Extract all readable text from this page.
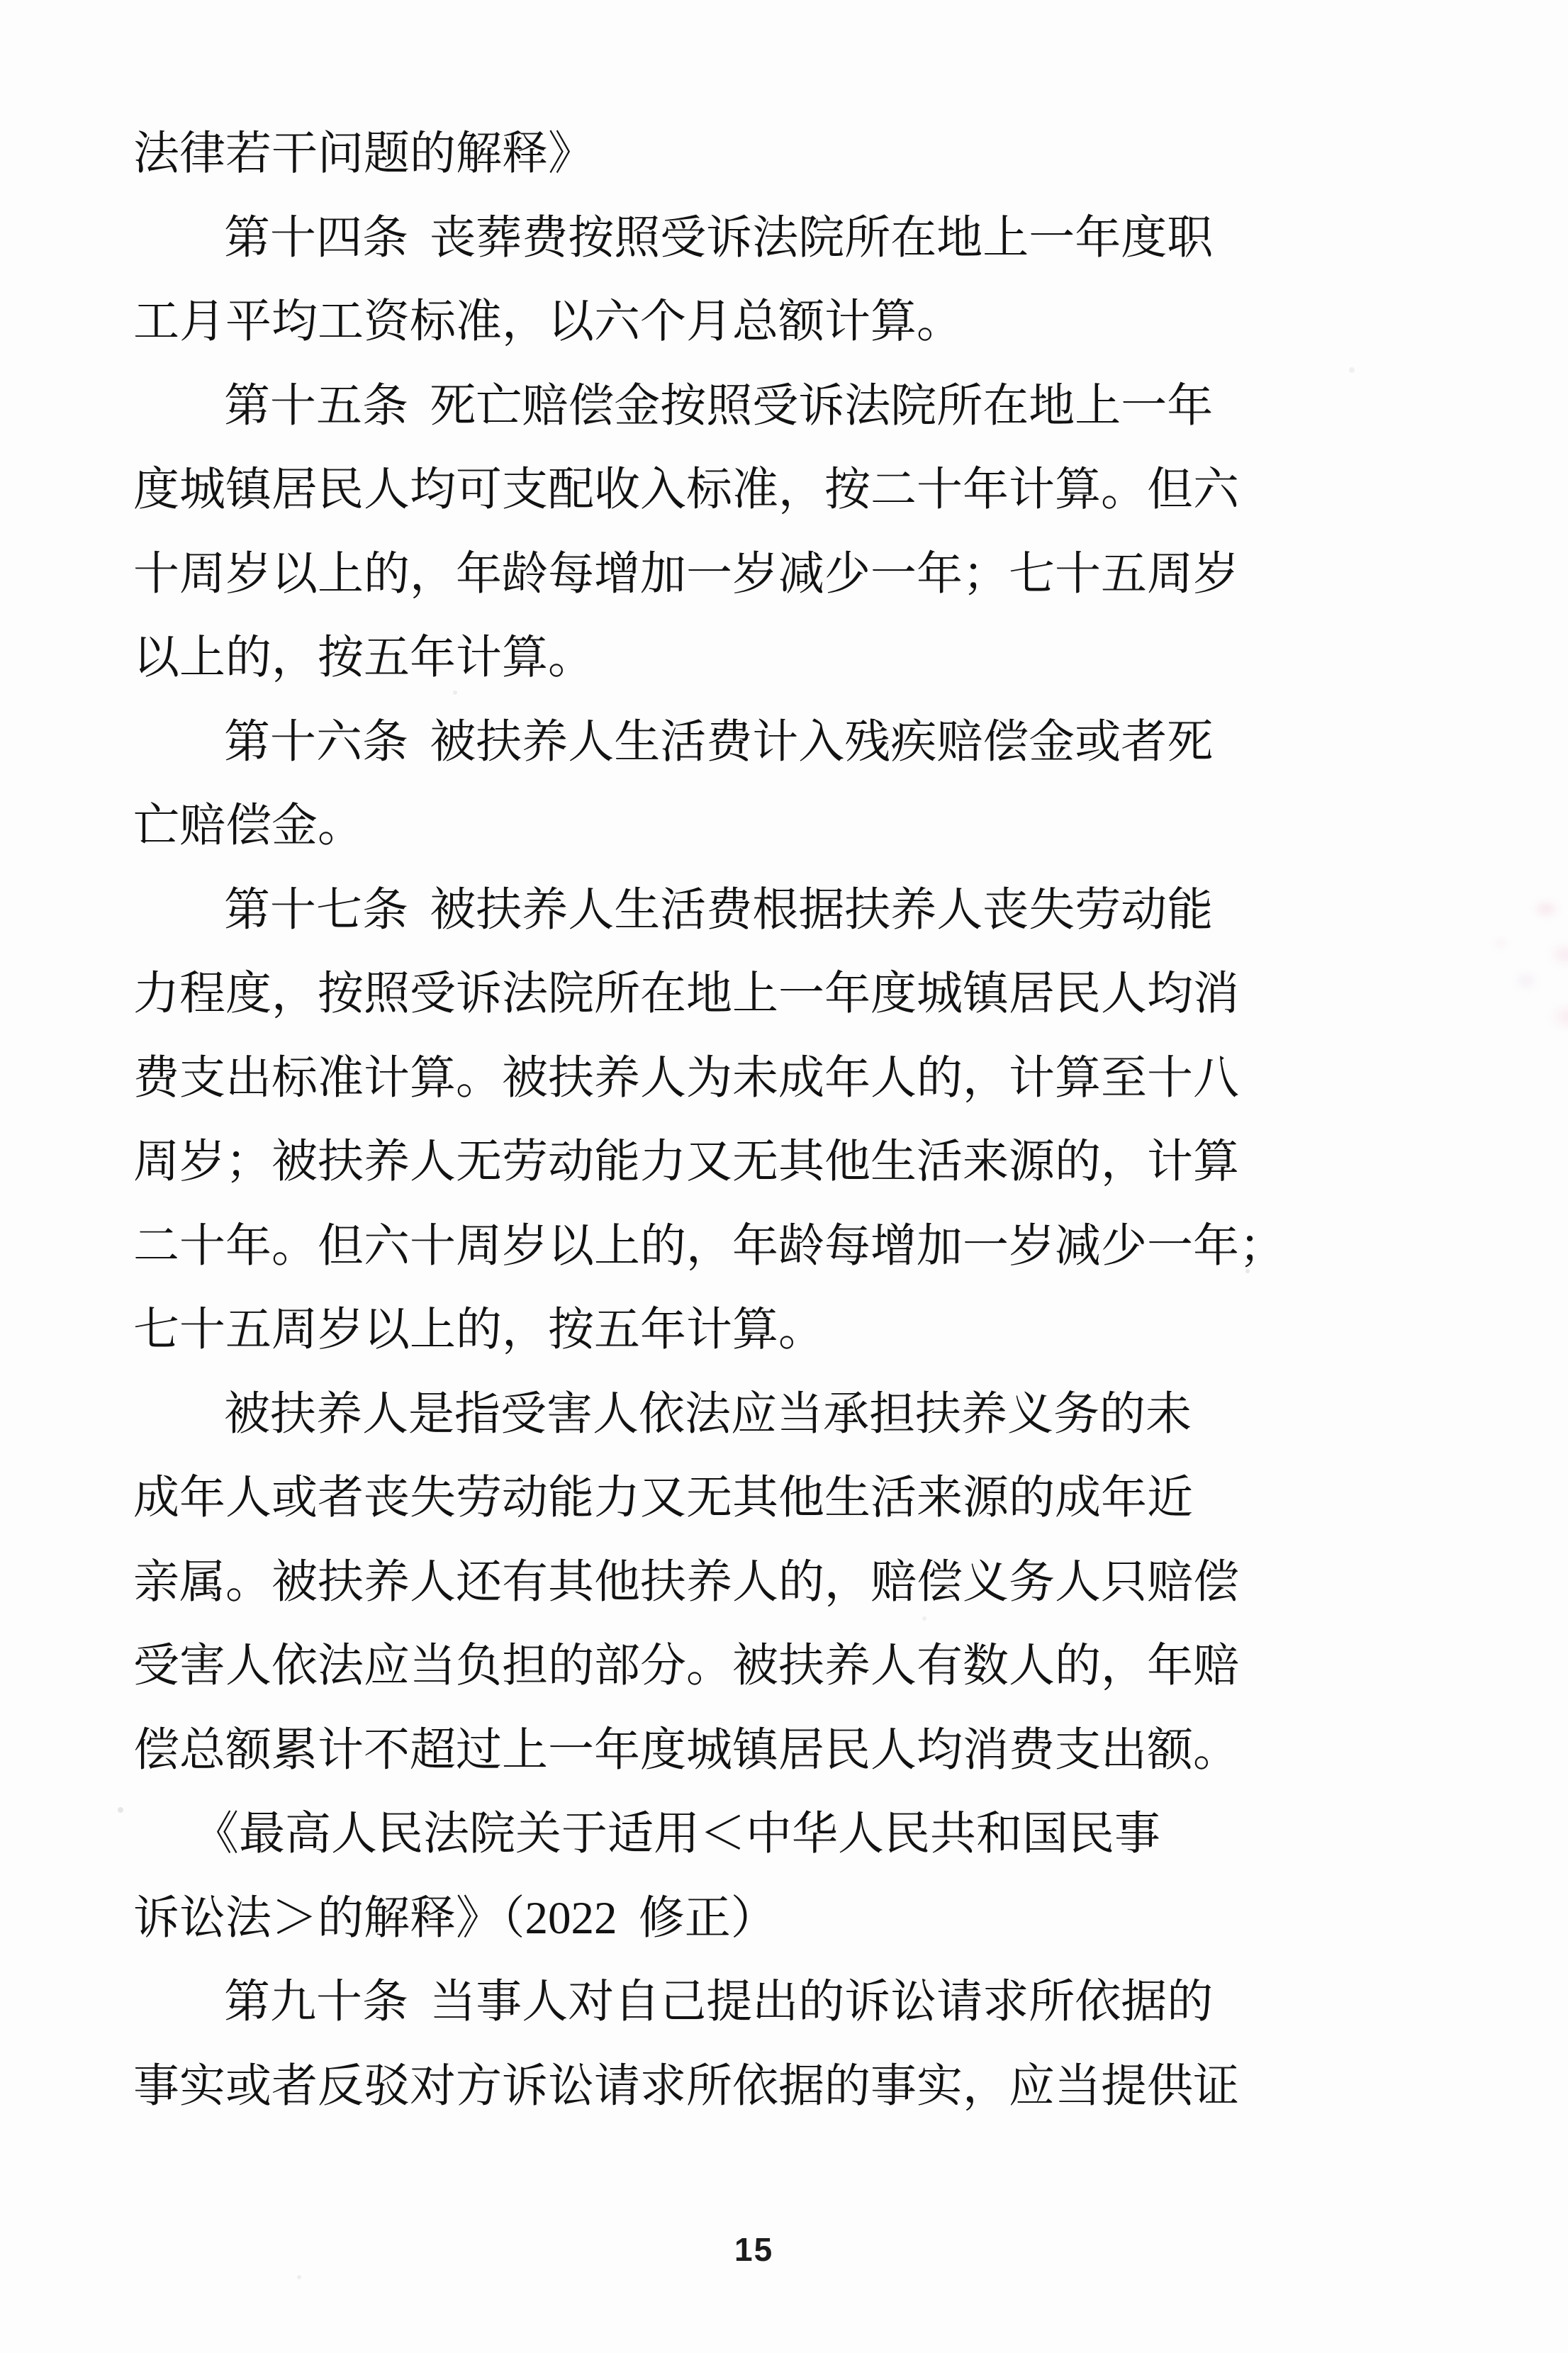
法律若干问题的解释》
第十四条 丧葬费按照受诉法院所在地上一年度职
工月平均工资标准，以六个月总额计算。
第十五条 死亡赔偿金按照受诉法院所在地上一年
度城镇居民人均可支配收入标准，按二十年计算。但六
十周岁以上的，年龄每增加一岁减少一年；七十五周岁
以上的，按五年计算。
第十六条 被扶养人生活费计入残疾赔偿金或者死
亡赔偿金。
第十七条 被扶养人生活费根据扶养人丧失劳动能
力程度，按照受诉法院所在地上一年度城镇居民人均消
费支出标准计算。被扶养人为未成年人的，计算至十八
周岁；被扶养人无劳动能力又无其他生活来源的，计算
二十年。但六十周岁以上的，年龄每增加一岁减少一年；
七十五周岁以上的，按五年计算。
被扶养人是指受害人依法应当承担扶养义务的未
成年人或者丧失劳动能力又无其他生活来源的成年近
亲属。被扶养人还有其他扶养人的，赔偿义务人只赔偿
受害人依法应当负担的部分。被扶养人有数人的，年赔
偿总额累计不超过上一年度城镇居民人均消费支出额。
《最高人民法院关于适用＜中华人民共和国民事
诉讼法＞的解释》（2022 修正）
第九十条 当事人对自己提出的诉讼请求所依据的
事实或者反驳对方诉讼请求所依据的事实，应当提供证
15
